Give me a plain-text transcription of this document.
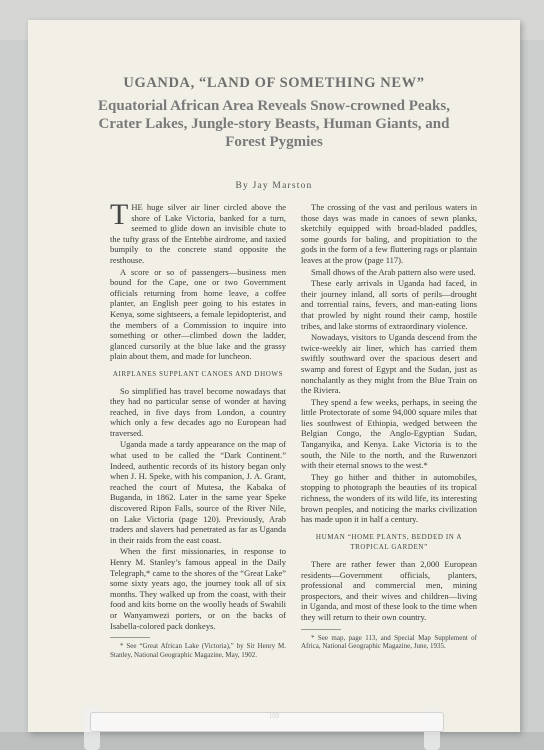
UGANDA, “LAND OF SOMETHING NEW”
Equatorial African Area Reveals Snow-crowned Peaks, Crater Lakes, Jungle-story Beasts, Human Giants, and Forest Pygmies
By Jay Marston

THE huge silver air liner circled above the shore of Lake Victoria, banked for a turn, seemed to glide down an invisible chute to the tufty grass of the Entebbe airdrome, and taxied bumpily to the concrete stand opposite the resthouse.

A score or so of passengers—business men bound for the Cape, one or two Government officials returning from home leave, a coffee planter, an English peer going to his estates in Kenya, some sightseers, a female lepidopterist, and the members of a Commission to inquire into something or other—climbed down the ladder, glanced cursorily at the blue lake and the grassy plain about them, and made for luncheon.

AIRPLANES SUPPLANT CANOES AND DHOWS

So simplified has travel become nowadays that they had no particular sense of wonder at having reached, in five days from London, a country which only a few decades ago no European had traversed.

Uganda made a tardy appearance on the map of what used to be called the “Dark Continent.” Indeed, authentic records of its history began only when J. H. Speke, with his companion, J. A. Grant, reached the court of Mutesa, the Kabaka of Buganda, in 1862. Later in the same year Speke discovered Ripon Falls, source of the River Nile, on Lake Victoria (page 120). Previously, Arab traders and slavers had penetrated as far as Uganda in their raids from the east coast.

When the first missionaries, in response to Henry M. Stanley’s famous appeal in the Daily Telegraph,* came to the shores of the “Great Lake” some sixty years ago, the journey took all of six months. They walked up from the coast, with their food and kits borne on the woolly heads of Swahili or Wanyamwezi porters, or on the backs of Isabella-colored pack donkeys.

* See “Great African Lake (Victoria),” by Sir Henry M. Stanley, National Geographic Magazine, May, 1902.

The crossing of the vast and perilous waters in those days was made in canoes of sewn planks, sketchily equipped with broad-bladed paddles, some gourds for baling, and propitiation to the gods in the form of a few fluttering rags or plantain leaves at the prow (page 117).

Small dhows of the Arab pattern also were used.

These early arrivals in Uganda had faced, in their journey inland, all sorts of perils—drought and torrential rains, fevers, and man-eating lions that prowled by night round their camp, hostile tribes, and lake storms of extraordinary violence.

Nowadays, visitors to Uganda descend from the twice-weekly air liner, which has carried them swiftly southward over the spacious desert and swamp and forest of Egypt and the Sudan, just as nonchalantly as they might from the Blue Train on the Riviera.

They spend a few weeks, perhaps, in seeing the little Protectorate of some 94,000 square miles that lies southwest of Ethiopia, wedged between the Belgian Congo, the Anglo-Egyptian Sudan, Tanganyika, and Kenya. Lake Victoria is to the south, the Nile to the north, and the Ruwenzori with their eternal snows to the west.*

They go hither and thither in automobiles, stopping to photograph the beauties of its tropical richness, the wonders of its wild life, its interesting brown peoples, and noticing the marks civilization has made upon it in half a century.

HUMAN “HOME PLANTS, BEDDED IN A TROPICAL GARDEN”

There are rather fewer than 2,000 European residents—Government officials, planters, professional and commercial men, mining prospectors, and their wives and children—living in Uganda, and most of these look to the time when they will return to their own country.

* See map, page 113, and Special Map Supplement of Africa, National Geographic Magazine, June, 1935.
